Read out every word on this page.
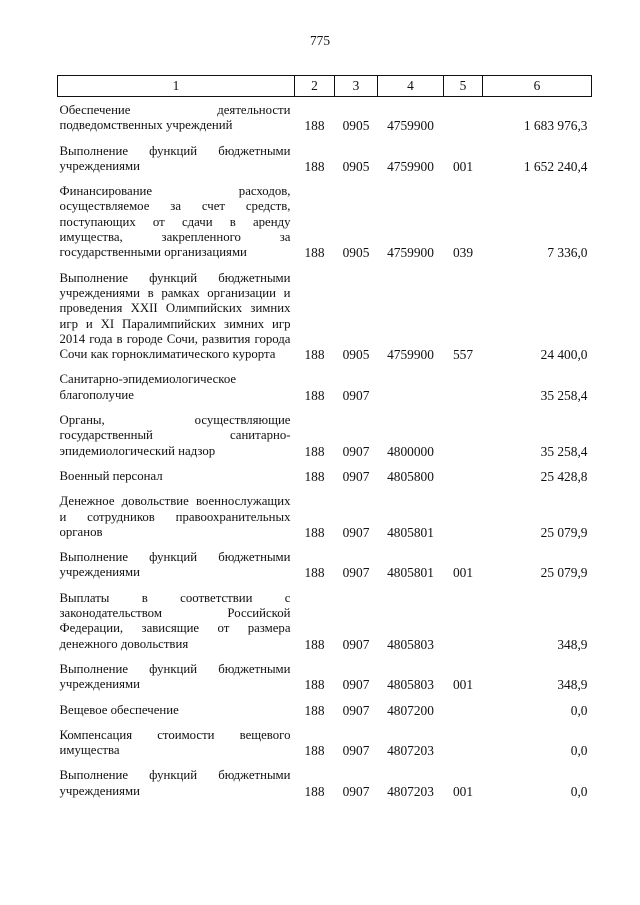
775
1	2	3	4	5	6
Обеспечение деятельности подведомственных учреждений	188	0905	4759900		1 683 976,3
Выполнение функций бюджетными учреждениями	188	0905	4759900	001	1 652 240,4
Финансирование расходов, осуществляемое за счет средств, поступающих от сдачи в аренду имущества, закрепленного за государственными организациями	188	0905	4759900	039	7 336,0
Выполнение функций бюджетными учреждениями в рамках организации и проведения XXII Олимпийских зимних игр и XI Паралимпийских зимних игр 2014 года в городе Сочи, развития города Сочи как горноклиматического курорта	188	0905	4759900	557	24 400,0
Санитарно-эпидемиологическое благополучие	188	0907			35 258,4
Органы, осуществляющие государственный санитарно-эпидемиологический надзор	188	0907	4800000		35 258,4
Военный персонал	188	0907	4805800		25 428,8
Денежное довольствие военнослужащих и сотрудников правоохранительных органов	188	0907	4805801		25 079,9
Выполнение функций бюджетными учреждениями	188	0907	4805801	001	25 079,9
Выплаты в соответствии с законодательством Российской Федерации, зависящие от размера денежного довольствия	188	0907	4805803		348,9
Выполнение функций бюджетными учреждениями	188	0907	4805803	001	348,9
Вещевое обеспечение	188	0907	4807200		0,0
Компенсация стоимости вещевого имущества	188	0907	4807203		0,0
Выполнение функций бюджетными учреждениями	188	0907	4807203	001	0,0
